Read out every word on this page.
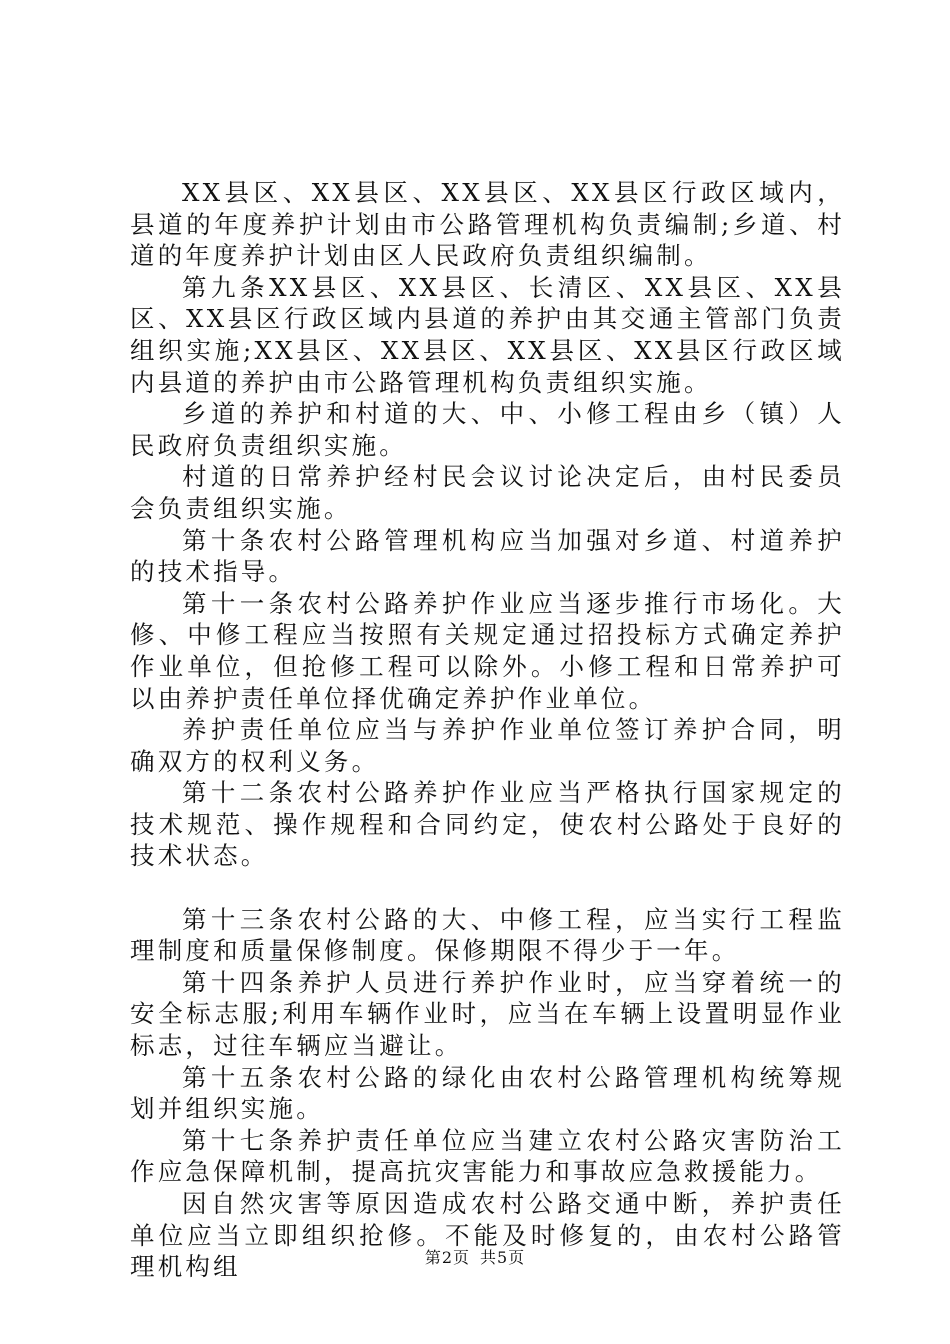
XX县区、XX县区、XX县区、XX县区行政区域内，县道的年度养护计划由市公路管理机构负责编制;乡道、村道的年度养护计划由区人民政府负责组织编制。

第九条XX县区、XX县区、长清区、XX县区、XX县区、XX县区行政区域内县道的养护由其交通主管部门负责组织实施;XX县区、XX县区、XX县区、XX县区行政区域内县道的养护由市公路管理机构负责组织实施。

乡道的养护和村道的大、中、小修工程由乡（镇）人民政府负责组织实施。

村道的日常养护经村民会议讨论决定后，由村民委员会负责组织实施。

第十条农村公路管理机构应当加强对乡道、村道养护的技术指导。

第十一条农村公路养护作业应当逐步推行市场化。大修、中修工程应当按照有关规定通过招投标方式确定养护作业单位，但抢修工程可以除外。小修工程和日常养护可以由养护责任单位择优确定养护作业单位。

养护责任单位应当与养护作业单位签订养护合同，明确双方的权利义务。

第十二条农村公路养护作业应当严格执行国家规定的技术规范、操作规程和合同约定，使农村公路处于良好的技术状态。

第十三条农村公路的大、中修工程，应当实行工程监理制度和质量保修制度。保修期限不得少于一年。

第十四条养护人员进行养护作业时，应当穿着统一的安全标志服;利用车辆作业时，应当在车辆上设置明显作业标志，过往车辆应当避让。

第十五条农村公路的绿化由农村公路管理机构统筹规划并组织实施。

第十七条养护责任单位应当建立农村公路灾害防治工作应急保障机制，提高抗灾害能力和事故应急救援能力。

因自然灾害等原因造成农村公路交通中断，养护责任单位应当立即组织抢修。不能及时修复的，由农村公路管理机构组	第2页 共5页
